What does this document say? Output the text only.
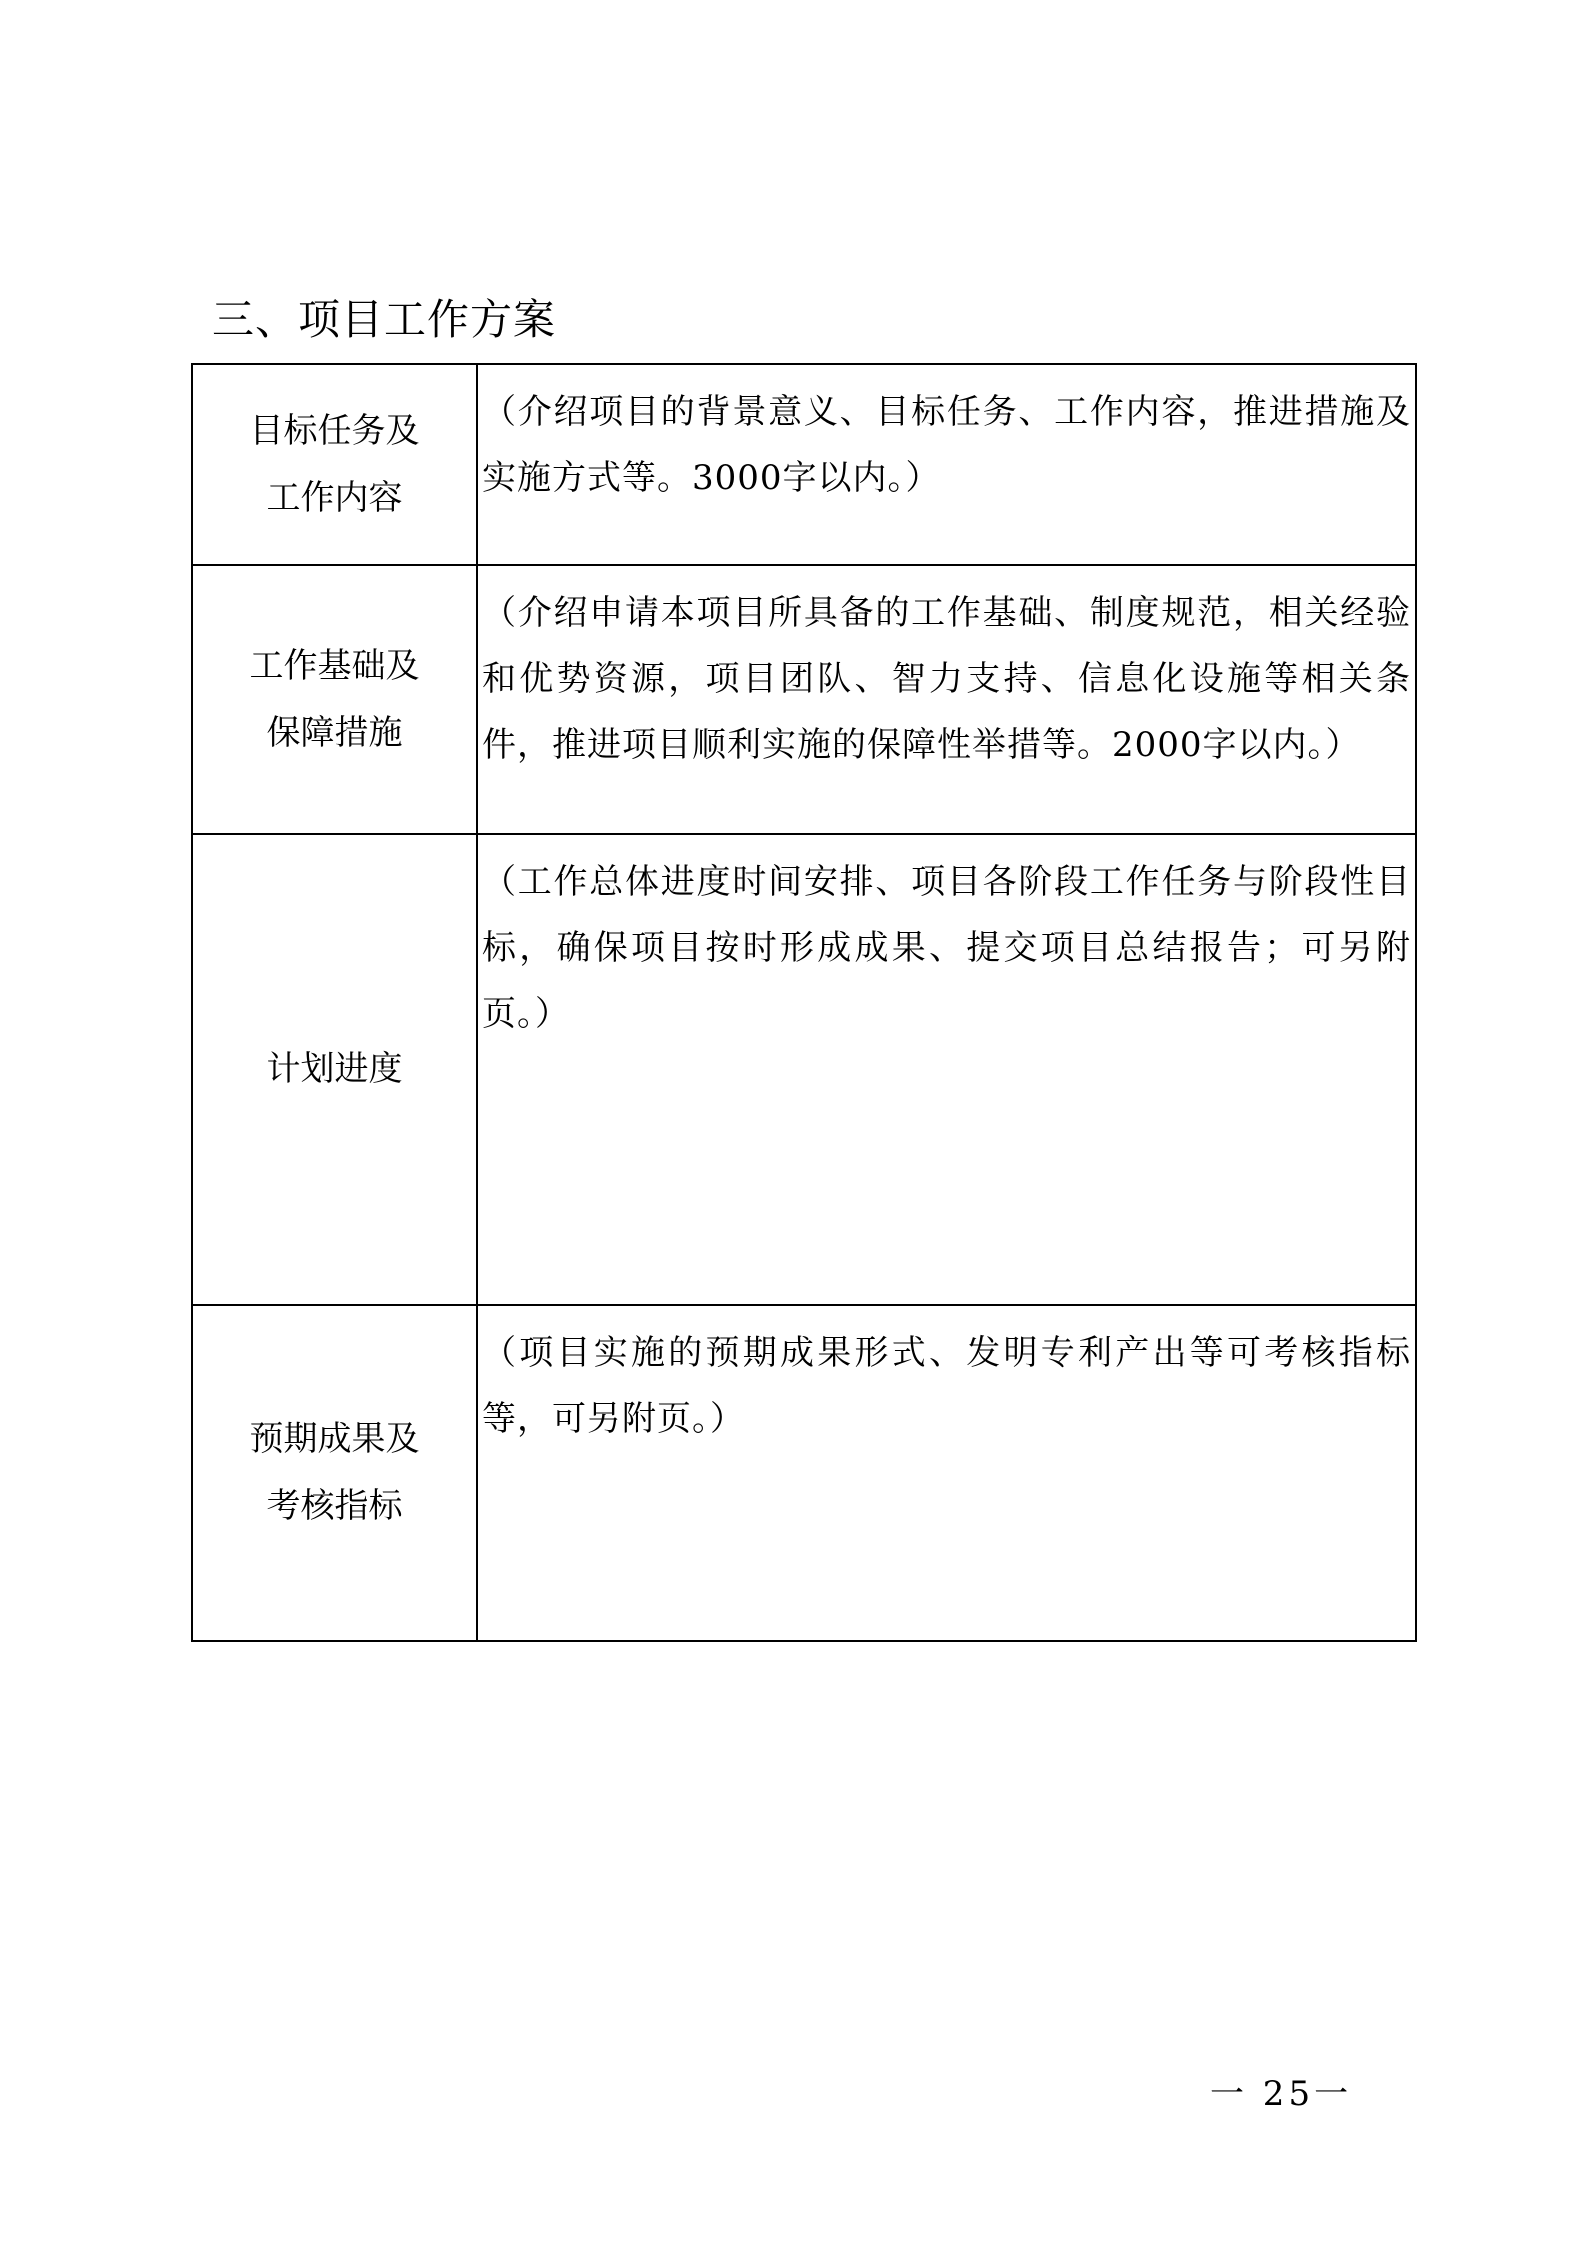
三、项目工作方案
目标任务及
工作内容	（介绍项目的背景意义、目标任务、工作内容，推进措施及实施方式等。3000字以内。）

工作基础及
保障措施	（介绍申请本项目所具备的工作基础、制度规范，相关经验和优势资源，项目团队、智力支持、信息化设施等相关条件，推进项目顺利实施的保障性举措等。2000字以内。）

计划进度	（工作总体进度时间安排、项目各阶段工作任务与阶段性目标，确保项目按时形成成果、提交项目总结报告；可另附页。）

预期成果及
考核指标	（项目实施的预期成果形式、发明专利产出等可考核指标等，可另附页。）
一 25一
